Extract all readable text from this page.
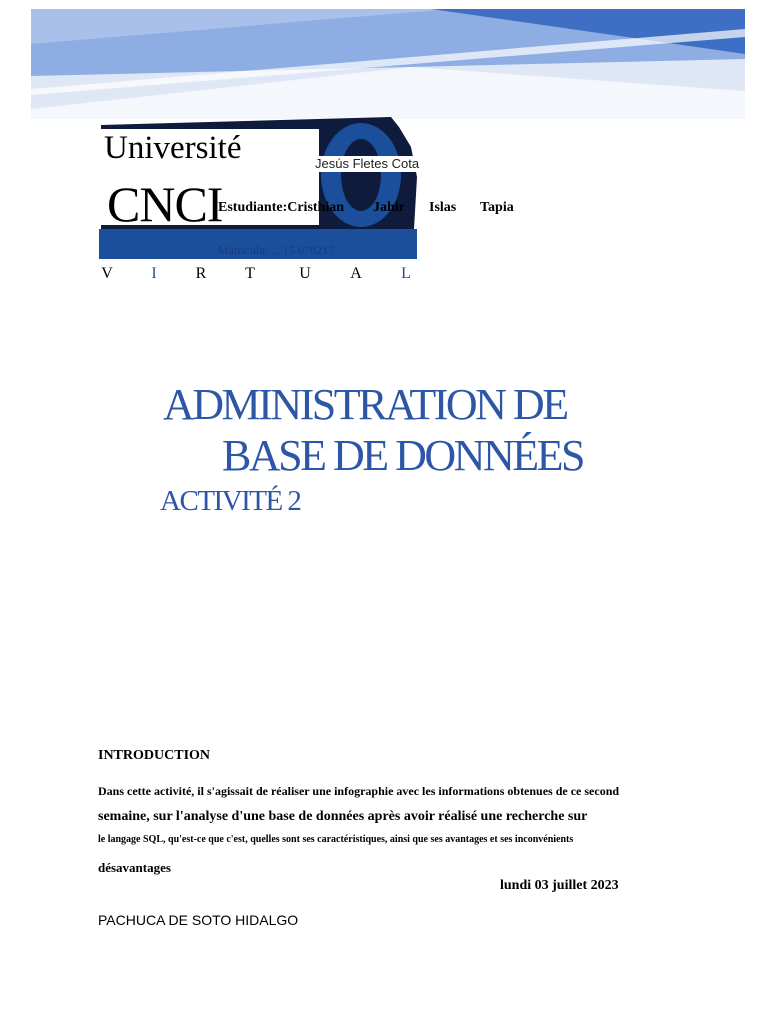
Université
CNCI
Jesús Fletes Cota
Estudiante:Cristhian Jahir Islas Tapia
Matrícula: ... 15 078217
V	I	R T	U A L
ADMINISTRATION DE
BASE DE DONNÉES
ACTIVITÉ 2
INTRODUCTION
Dans cette activité, il s'agissait de réaliser une infographie avec les informations obtenues de ce second
semaine, sur l'analyse d'une base de données après avoir réalisé une recherche sur
le langage SQL, qu'est-ce que c'est, quelles sont ses caractéristiques, ainsi que ses avantages et ses inconvénients
désavantages
lundi 03 juillet 2023
PACHUCA DE SOTO HIDALGO
